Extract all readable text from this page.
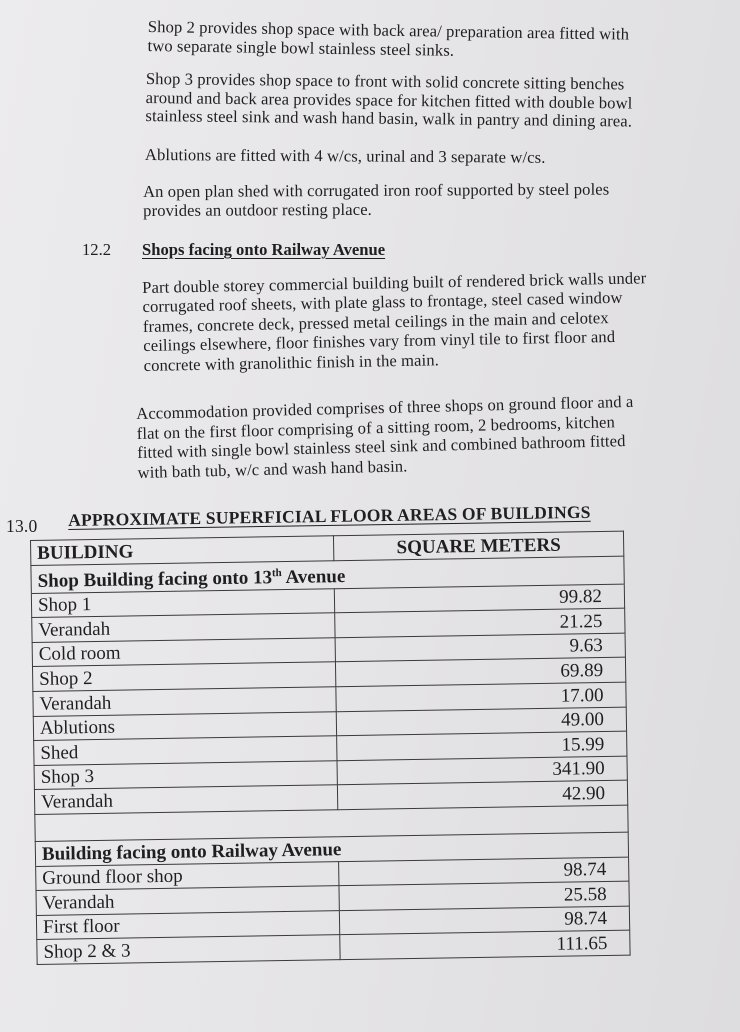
Shop 2 provides shop space with back area/ preparation area fitted with
two separate single bowl stainless steel sinks.

Shop 3 provides shop space to front with solid concrete sitting benches
around and back area provides space for kitchen fitted with double bowl
stainless steel sink and wash hand basin, walk in pantry and dining area.

Ablutions are fitted with 4 w/cs, urinal and 3 separate w/cs.

An open plan shed with corrugated iron roof supported by steel poles
provides an outdoor resting place.

12.2 Shops facing onto Railway Avenue

Part double storey commercial building built of rendered brick walls under
corrugated roof sheets, with plate glass to frontage, steel cased window
frames, concrete deck, pressed metal ceilings in the main and celotex
ceilings elsewhere, floor finishes vary from vinyl tile to first floor and
concrete with granolithic finish in the main.

Accommodation provided comprises of three shops on ground floor and a
flat on the first floor comprising of a sitting room, 2 bedrooms, kitchen
fitted with single bowl stainless steel sink and combined bathroom fitted
with bath tub, w/c and wash hand basin.

13.0 APPROXIMATE SUPERFICIAL FLOOR AREAS OF BUILDINGS
BUILDING	SQUARE METERS
Shop Building facing onto 13th Avenue	
Shop 1	99.82
Verandah	21.25
Cold room	9.63
Shop 2	69.89
Verandah	17.00
Ablutions	49.00
Shed	15.99
Shop 3	341.90
Verandah	42.90

Building facing onto Railway Avenue	
Ground floor shop	98.74
Verandah	25.58
First floor	98.74
Shop 2 & 3	111.65
